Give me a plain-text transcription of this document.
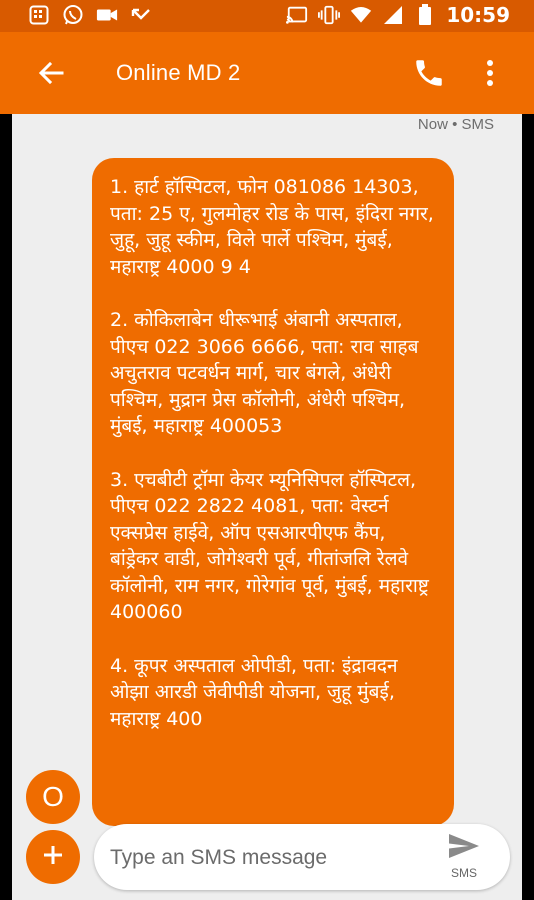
10:59
Online MD 2
Now • SMS

1. हार्ट हॉस्पिटल, फोन 081086 14303, पता: 25 ए, गुलमोहर रोड के पास, इंदिरा नगर, जुहू, जुहू स्कीम, विले पार्ले पश्चिम, मुंबई, महाराष्ट्र 4000 9 4

2. कोकिलाबेन धीरूभाई अंबानी अस्पताल, पीएच 022 3066 6666, पता: राव साहब अचुतराव पटवर्धन मार्ग, चार बंगले, अंधेरी पश्चिम, मुद्रान प्रेस कॉलोनी, अंधेरी पश्चिम, मुंबई, महाराष्ट्र 400053

3. एचबीटी ट्रॉमा केयर म्यूनिसिपल हॉस्पिटल, पीएच 022 2822 4081, पता: वेस्टर्न एक्सप्रेस हाईवे, ऑप एसआरपीएफ कैंप, बांड्रेकर वाडी, जोगेश्वरी पूर्व, गीतांजलि रेलवे कॉलोनी, राम नगर, गोरेगांव पूर्व, मुंबई, महाराष्ट्र 400060

4. कूपर अस्पताल ओपीडी, पता: इंद्रावदन ओझा आरडी जेवीपीडी योजना, जुहू मुंबई, महाराष्ट्र 400

O
Type an SMS message
SMS
